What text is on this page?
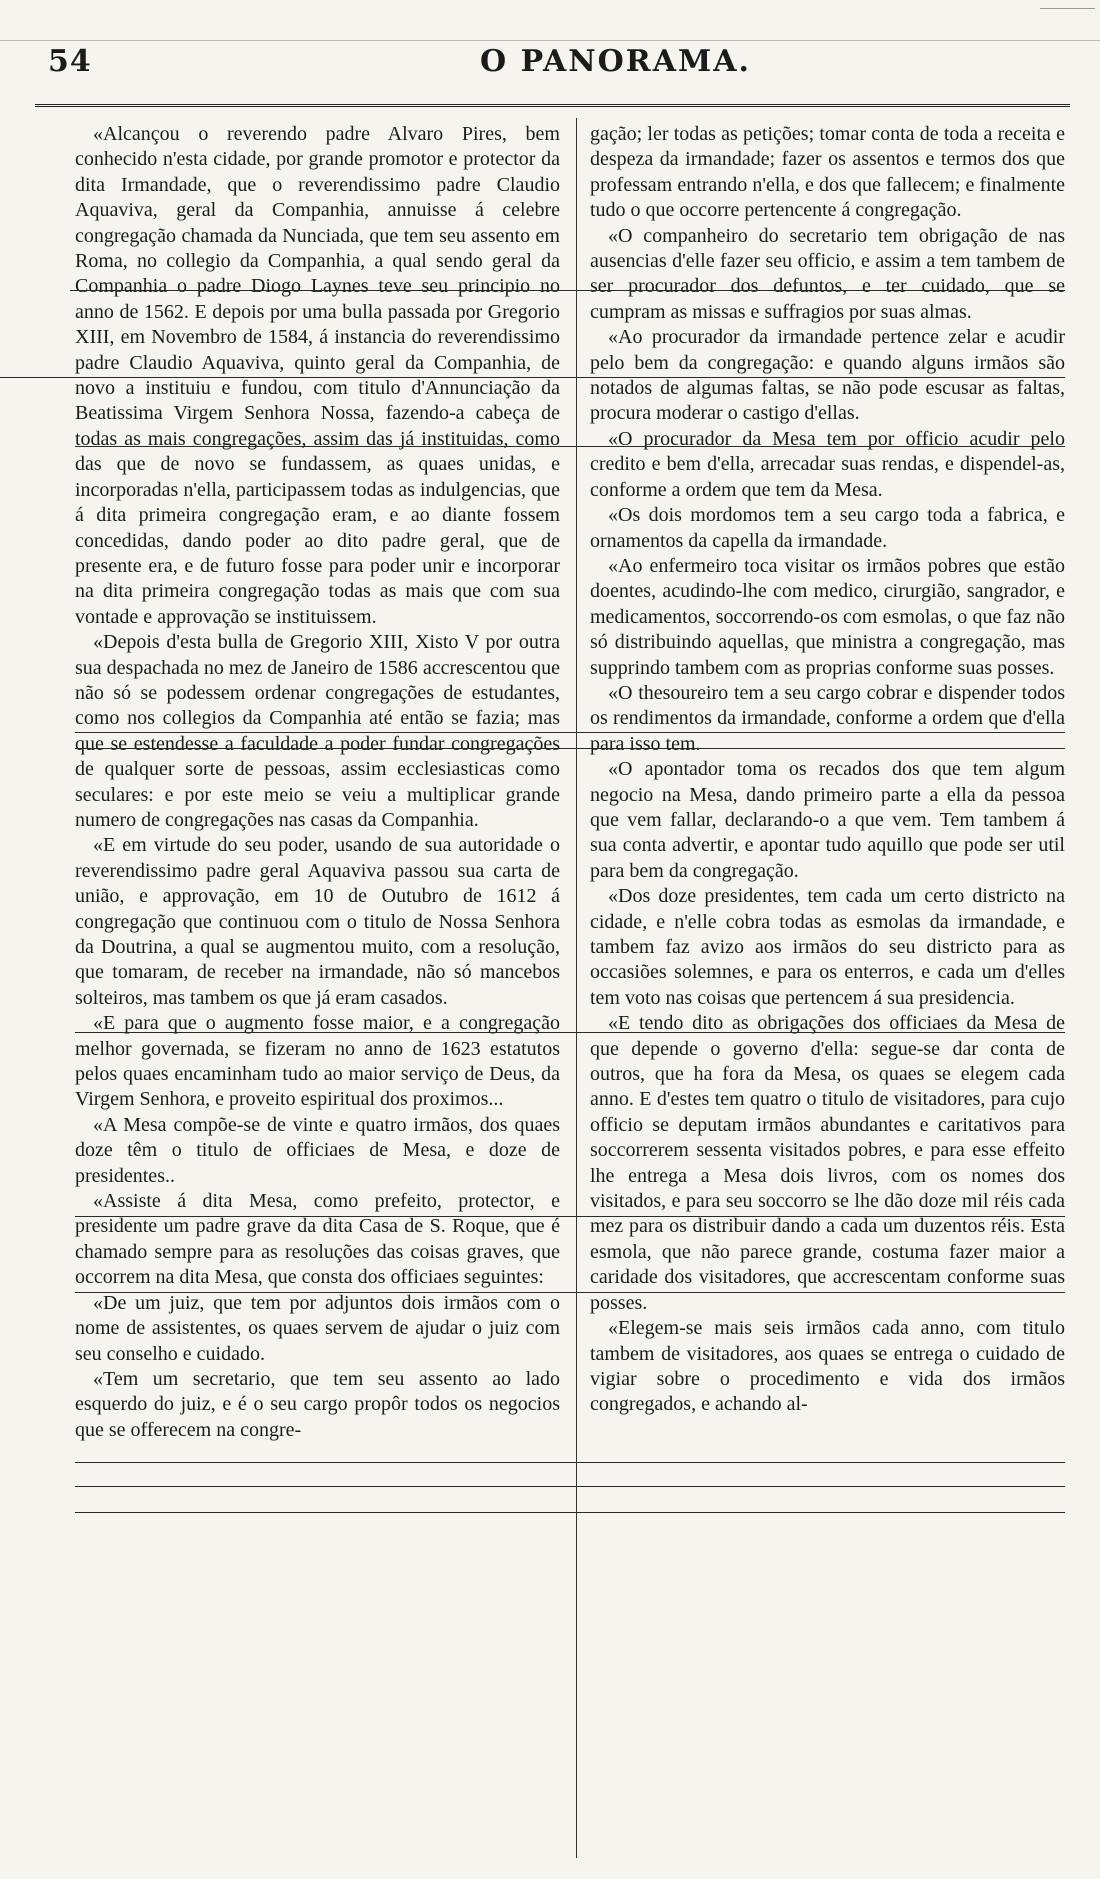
54	O PANORAMA.

«Alcançou o reverendo padre Alvaro Pires, bem conhecido n'esta cidade, por grande promotor e protector da dita Irmandade, que o reverendissimo padre Claudio Aquaviva, geral da Companhia, annuisse á celebre congregação chamada da Nunciada, que tem seu assento em Roma, no collegio da Companhia, a qual sendo geral da Companhia o padre Diogo Laynes teve seu principio no anno de 1562. E depois por uma bulla passada por Gregorio XIII, em Novembro de 1584, á instancia do reverendissimo padre Claudio Aquaviva, quinto geral da Companhia, de novo a instituiu e fundou, com titulo d'Annunciação da Beatissima Virgem Senhora Nossa, fazendo-a cabeça de todas as mais congregações, assim das já instituidas, como das que de novo se fundassem, as quaes unidas, e incorporadas n'ella, participassem todas as indulgencias, que á dita primeira congregação eram, e ao diante fossem concedidas, dando poder ao dito padre geral, que de presente era, e de futuro fosse para poder unir e incorporar na dita primeira congregação todas as mais que com sua vontade e approvação se instituissem.

«Depois d'esta bulla de Gregorio XIII, Xisto V por outra sua despachada no mez de Janeiro de 1586 accrescentou que não só se podessem ordenar congregações de estudantes, como nos collegios da Companhia até então se fazia; mas que se estendesse a faculdade a poder fundar congregações de qualquer sorte de pessoas, assim ecclesiasticas como seculares: e por este meio se veiu a multiplicar grande numero de congregações nas casas da Companhia.

«E em virtude do seu poder, usando de sua autoridade o reverendissimo padre geral Aquaviva passou sua carta de união, e approvação, em 10 de Outubro de 1612 á congregação que continuou com o titulo de Nossa Senhora da Doutrina, a qual se augmentou muito, com a resolução, que tomaram, de receber na irmandade, não só mancebos solteiros, mas tambem os que já eram casados.

«E para que o augmento fosse maior, e a congregação melhor governada, se fizeram no anno de 1623 estatutos pelos quaes encaminham tudo ao maior serviço de Deus, da Virgem Senhora, e proveito espiritual dos proximos...

«A Mesa compõe-se de vinte e quatro irmãos, dos quaes doze têm o titulo de officiaes de Mesa, e doze de presidentes..

«Assiste á dita Mesa, como prefeito, protector, e presidente um padre grave da dita Casa de S. Roque, que é chamado sempre para as resoluções das coisas graves, que occorrem na dita Mesa, que consta dos officiaes seguintes:

«De um juiz, que tem por adjuntos dois irmãos com o nome de assistentes, os quaes servem de ajudar o juiz com seu conselho e cuidado.

«Tem um secretario, que tem seu assento ao lado esquerdo do juiz, e é o seu cargo propôr todos os negocios que se offerecem na congre-

gação; ler todas as petições; tomar conta de toda a receita e despeza da irmandade; fazer os assentos e termos dos que professam entrando n'ella, e dos que fallecem; e finalmente tudo o que occorre pertencente á congregação.

«O companheiro do secretario tem obrigação de nas ausencias d'elle fazer seu officio, e assim a tem tambem de ser procurador dos defuntos, e ter cuidado, que se cumpram as missas e suffragios por suas almas.

«Ao procurador da irmandade pertence zelar e acudir pelo bem da congregação: e quando alguns irmãos são notados de algumas faltas, se não pode escusar as faltas, procura moderar o castigo d'ellas.

«O procurador da Mesa tem por officio acudir pelo credito e bem d'ella, arrecadar suas rendas, e dispendel-as, conforme a ordem que tem da Mesa.

«Os dois mordomos tem a seu cargo toda a fabrica, e ornamentos da capella da irmandade.

«Ao enfermeiro toca visitar os irmãos pobres que estão doentes, acudindo-lhe com medico, cirurgião, sangrador, e medicamentos, soccorrendo-os com esmolas, o que faz não só distribuindo aquellas, que ministra a congregação, mas supprindo tambem com as proprias conforme suas posses.

«O thesoureiro tem a seu cargo cobrar e dispender todos os rendimentos da irmandade, conforme a ordem que d'ella para isso tem.

«O apontador toma os recados dos que tem algum negocio na Mesa, dando primeiro parte a ella da pessoa que vem fallar, declarando-o a que vem. Tem tambem á sua conta advertir, e apontar tudo aquillo que pode ser util para bem da congregação.

«Dos doze presidentes, tem cada um certo districto na cidade, e n'elle cobra todas as esmolas da irmandade, e tambem faz avizo aos irmãos do seu districto para as occasiões solemnes, e para os enterros, e cada um d'elles tem voto nas coisas que pertencem á sua presidencia.

«E tendo dito as obrigações dos officiaes da Mesa de que depende o governo d'ella: segue-se dar conta de outros, que ha fora da Mesa, os quaes se elegem cada anno. E d'estes tem quatro o titulo de visitadores, para cujo officio se deputam irmãos abundantes e caritativos para soccorrerem sessenta visitados pobres, e para esse effeito lhe entrega a Mesa dois livros, com os nomes dos visitados, e para seu soccorro se lhe dão doze mil réis cada mez para os distribuir dando a cada um duzentos réis. Esta esmola, que não parece grande, costuma fazer maior a caridade dos visitadores, que accrescentam conforme suas posses.

«Elegem-se mais seis irmãos cada anno, com titulo tambem de visitadores, aos quaes se entrega o cuidado de vigiar sobre o procedimento e vida dos irmãos congregados, e achando al-
